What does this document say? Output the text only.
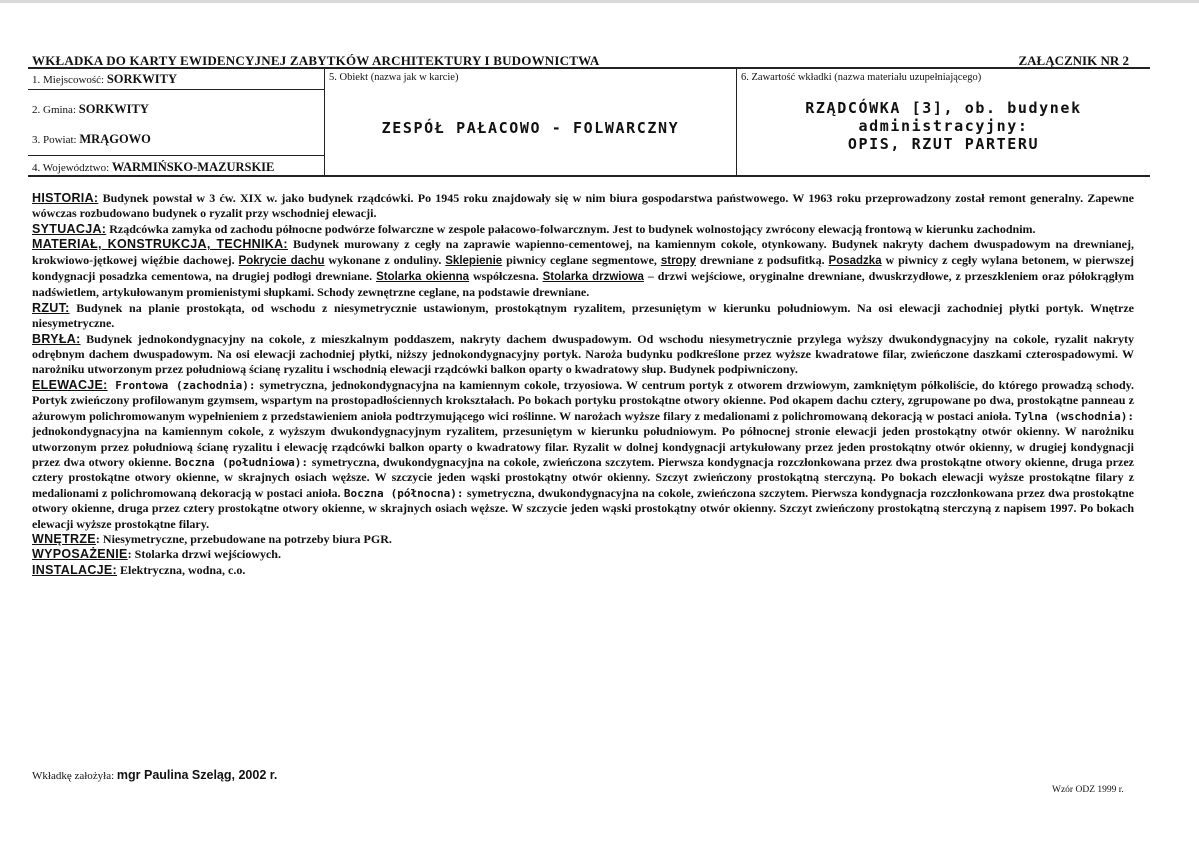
WKŁADKA DO KARTY EWIDENCYJNEJ ZABYTKÓW ARCHITEKTURY I BUDOWNICTWA	ZAŁĄCZNIK NR 2
1. Miejscowość: SORKWITY
2. Gmina: SORKWITY
3. Powiat: MRĄGOWO
4. Województwo: WARMIŃSKO-MAZURSKIE
5. Obiekt (nazwa jak w karcie)
ZESPÓŁ PAŁACOWO - FOLWARCZNY
6. Zawartość wkładki (nazwa materiału uzupełniającego)
RZĄDCÓWKA [3], ob. budynek
administracyjny:
OPIS, RZUT PARTERU

HISTORIA: Budynek powstał w 3 ćw. XIX w. jako budynek rządcówki. Po 1945 roku znajdowały się w nim biura gospodarstwa państwowego. W 1963 roku przeprowadzony został remont generalny. Zapewne wówczas rozbudowano budynek o ryzalit przy wschodniej elewacji.

SYTUACJA: Rządcówka zamyka od zachodu północne podwórze folwarczne w zespole pałacowo-folwarcznym. Jest to budynek wolnostojący zwrócony elewacją frontową w kierunku zachodnim.

MATERIAŁ, KONSTRUKCJA, TECHNIKA: Budynek murowany z cegły na zaprawie wapienno-cementowej, na kamiennym cokole, otynkowany. Budynek nakryty dachem dwuspadowym na drewnianej, krokwiowo-jętkowej więźbie dachowej. Pokrycie dachu wykonane z onduliny. Sklepienie piwnicy ceglane segmentowe, stropy drewniane z podsufitką. Posadzka w piwnicy z cegły wylana betonem, w pierwszej kondygnacji posadzka cementowa, na drugiej podłogi drewniane. Stolarka okienna współczesna. Stolarka drzwiowa – drzwi wejściowe, oryginalne drewniane, dwuskrzydłowe, z przeszkleniem oraz półokrągłym nadświetlem, artykułowanym promienistymi słupkami. Schody zewnętrzne ceglane, na podstawie drewniane.

RZUT: Budynek na planie prostokąta, od wschodu z niesymetrycznie ustawionym, prostokątnym ryzalitem, przesuniętym w kierunku południowym. Na osi elewacji zachodniej płytki portyk. Wnętrze niesymetryczne.

BRYŁA: Budynek jednokondygnacyjny na cokole, z mieszkalnym poddaszem, nakryty dachem dwuspadowym. Od wschodu niesymetrycznie przylega wyższy dwukondygnacyjny na cokole, ryzalit nakryty odrębnym dachem dwuspadowym. Na osi elewacji zachodniej płytki, niższy jednokondygnacyjny portyk. Naroża budynku podkreślone przez wyższe kwadratowe filar, zwieńczone daszkami czterospadowymi. W narożniku utworzonym przez południową ścianę ryzalitu i wschodnią elewacji rządcówki balkon oparty o kwadratowy słup. Budynek podpiwniczony.

ELEWACJE: Frontowa (zachodnia): symetryczna, jednokondygnacyjna na kamiennym cokole, trzyosiowa. W centrum portyk z otworem drzwiowym, zamkniętym półkoliście, do którego prowadzą schody. Portyk zwieńczony profilowanym gzymsem, wspartym na prostopadłościennych krokształach. Po bokach portyku prostokątne otwory okienne. Pod okapem dachu cztery, zgrupowane po dwa, prostokątne panneau z ażurowym polichromowanym wypełnieniem z przedstawieniem anioła podtrzymującego wici roślinne. W narożach wyższe filary z medalionami z polichromowaną dekoracją w postaci anioła. Tylna (wschodnia): jednokondygnacyjna na kamiennym cokole, z wyższym dwukondygnacyjnym ryzalitem, przesuniętym w kierunku południowym. Po północnej stronie elewacji jeden prostokątny otwór okienny. W narożniku utworzonym przez południową ścianę ryzalitu i elewację rządcówki balkon oparty o kwadratowy filar. Ryzalit w dolnej kondygnacji artykułowany przez jeden prostokątny otwór okienny, w drugiej kondygnacji przez dwa otwory okienne. Boczna (południowa): symetryczna, dwukondygnacyjna na cokole, zwieńczona szczytem. Pierwsza kondygnacja rozczłonkowana przez dwa prostokątne otwory okienne, druga przez cztery prostokątne otwory okienne, w skrajnych osiach węższe. W szczycie jeden wąski prostokątny otwór okienny. Szczyt zwieńczony prostokątną sterczyną. Po bokach elewacji wyższe prostokątne filary z medalionami z polichromowaną dekoracją w postaci anioła. Boczna (północna): symetryczna, dwukondygnacyjna na cokole, zwieńczona szczytem. Pierwsza kondygnacja rozczłonkowana przez dwa prostokątne otwory okienne, druga przez cztery prostokątne otwory okienne, w skrajnych osiach węższe. W szczycie jeden wąski prostokątny otwór okienny. Szczyt zwieńczony prostokątną sterczyną z napisem 1997. Po bokach elewacji wyższe prostokątne filary.

WNĘTRZE: Niesymetryczne, przebudowane na potrzeby biura PGR.

WYPOSAŻENIE: Stolarka drzwi wejściowych.

INSTALACJE: Elektryczna, wodna, c.o.

Wkładkę założyła: mgr Paulina Szeląg, 2002 r.
Wzór ODZ 1999 r.
